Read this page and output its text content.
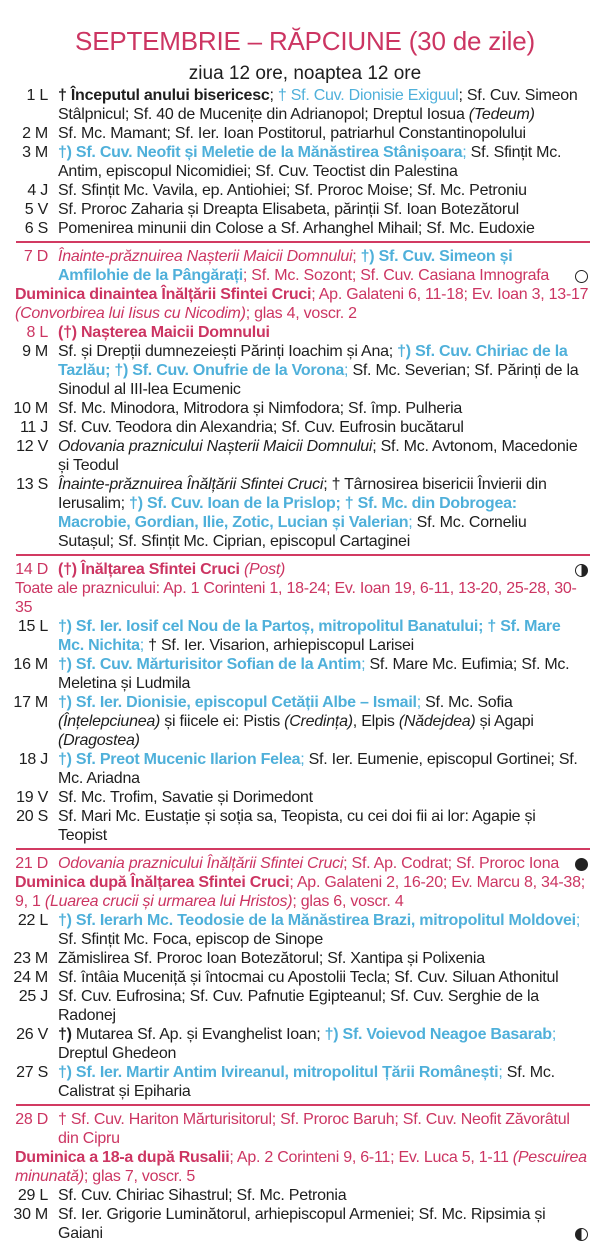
SEPTEMBRIE – RĂPCIUNE (30 de zile)
ziua 12 ore, noaptea 12 ore
1 L † Începutul anului bisericesc; † Sf. Cuv. Dionisie Exiguul; Sf. Cuv. Simeon Stâlpnicul; Sf. 40 de Mucenițe din Adrianopol; Dreptul Iosua (Tedeum)
2 M Sf. Mc. Mamant; Sf. Ier. Ioan Postitorul, patriarhul Constantinopolului
3 M †) Sf. Cuv. Neofit și Meletie de la Mănăstirea Stânișoara; Sf. Sfințit Mc. Antim, episcopul Nicomidiei; Sf. Cuv. Teoctist din Palestina
4 J Sf. Sfințit Mc. Vavila, ep. Antiohiei; Sf. Proroc Moise; Sf. Mc. Petroniu
5 V Sf. Proroc Zaharia și Dreapta Elisabeta, părinții Sf. Ioan Botezătorul
6 S Pomenirea minunii din Colose a Sf. Arhanghel Mihail; Sf. Mc. Eudoxie
7 D Înainte-prăznuirea Nașterii Maicii Domnului; †) Sf. Cuv. Simeon și Amfilohie de la Pângărați; Sf. Mc. Sozont; Sf. Cuv. Casiana Imnografa
Duminica dinaintea Înălțării Sfintei Cruci; Ap. Galateni 6, 11-18; Ev. Ioan 3, 13-17 (Convorbirea lui Iisus cu Nicodim); glas 4, voscr. 2
8 L (†) Nașterea Maicii Domnului
9 M Sf. și Drepții dumnezeiești Părinți Ioachim și Ana; †) Sf. Cuv. Chiriac de la Tazlău; †) Sf. Cuv. Onufrie de la Vorona; Sf. Mc. Severian; Sf. Părinți de la Sinodul al III-lea Ecumenic
10 M Sf. Mc. Minodora, Mitrodora și Nimfodora; Sf. împ. Pulheria
11 J Sf. Cuv. Teodora din Alexandria; Sf. Cuv. Eufrosin bucătarul
12 V Odovania praznicului Nașterii Maicii Domnului; Sf. Mc. Avtonom, Macedonie și Teodul
13 S Înainte-prăznuirea Înălțării Sfintei Cruci; † Târnosirea bisericii Învierii din Ierusalim; †) Sf. Cuv. Ioan de la Prislop; † Sf. Mc. din Dobrogea: Macrobie, Gordian, Ilie, Zotic, Lucian și Valerian; Sf. Mc. Corneliu Sutașul; Sf. Sfințit Mc. Ciprian, episcopul Cartaginei
14 D (†) Înălțarea Sfintei Cruci (Post)
Toate ale praznicului: Ap. 1 Corinteni 1, 18-24; Ev. Ioan 19, 6-11, 13-20, 25-28, 30-35
15 L †) Sf. Ier. Iosif cel Nou de la Partoș, mitropolitul Banatului; † Sf. Mare Mc. Nichita; † Sf. Ier. Visarion, arhiepiscopul Larisei
16 M †) Sf. Cuv. Mărturisitor Sofian de la Antim; Sf. Mare Mc. Eufimia; Sf. Mc. Meletina și Ludmila
17 M †) Sf. Ier. Dionisie, episcopul Cetății Albe – Ismail; Sf. Mc. Sofia (Înțelepciunea) și fiicele ei: Pistis (Credința), Elpis (Nădejdea) și Agapi (Dragostea)
18 J †) Sf. Preot Mucenic Ilarion Felea; Sf. Ier. Eumenie, episcopul Gortinei; Sf. Mc. Ariadna
19 V Sf. Mc. Trofim, Savatie și Dorimedont
20 S Sf. Mari Mc. Eustație și soția sa, Teopista, cu cei doi fii ai lor: Agapie și Teopist
21 D Odovania praznicului Înălțării Sfintei Cruci; Sf. Ap. Codrat; Sf. Proroc Iona
Duminica după Înălțarea Sfintei Cruci; Ap. Galateni 2, 16-20; Ev. Marcu 8, 34-38; 9, 1 (Luarea crucii și urmarea lui Hristos); glas 6, voscr. 4
22 L †) Sf. Ierarh Mc. Teodosie de la Mănăstirea Brazi, mitropolitul Moldovei; Sf. Sfințit Mc. Foca, episcop de Sinope
23 M Zămislirea Sf. Proroc Ioan Botezătorul; Sf. Xantipa și Polixenia
24 M Sf. întâia Muceniță și întocmai cu Apostolii Tecla; Sf. Cuv. Siluan Athonitul
25 J Sf. Cuv. Eufrosina; Sf. Cuv. Pafnutie Egipteanul; Sf. Cuv. Serghie de la Radonej
26 V †) Mutarea Sf. Ap. și Evanghelist Ioan; †) Sf. Voievod Neagoe Basarab; Dreptul Ghedeon
27 S †) Sf. Ier. Martir Antim Ivireanul, mitropolitul Țării Românești; Sf. Mc. Calistrat și Epiharia
28 D † Sf. Cuv. Hariton Mărturisitorul; Sf. Proroc Baruh; Sf. Cuv. Neofit Zăvorâtul din Cipru
Duminica a 18-a după Rusalii; Ap. 2 Corinteni 9, 6-11; Ev. Luca 5, 1-11 (Pescuirea minunată); glas 7, voscr. 5
29 L Sf. Cuv. Chiriac Sihastrul; Sf. Mc. Petronia
30 M Sf. Ier. Grigorie Luminătorul, arhiepiscopul Armeniei; Sf. Mc. Ripsimia și Gaiani
